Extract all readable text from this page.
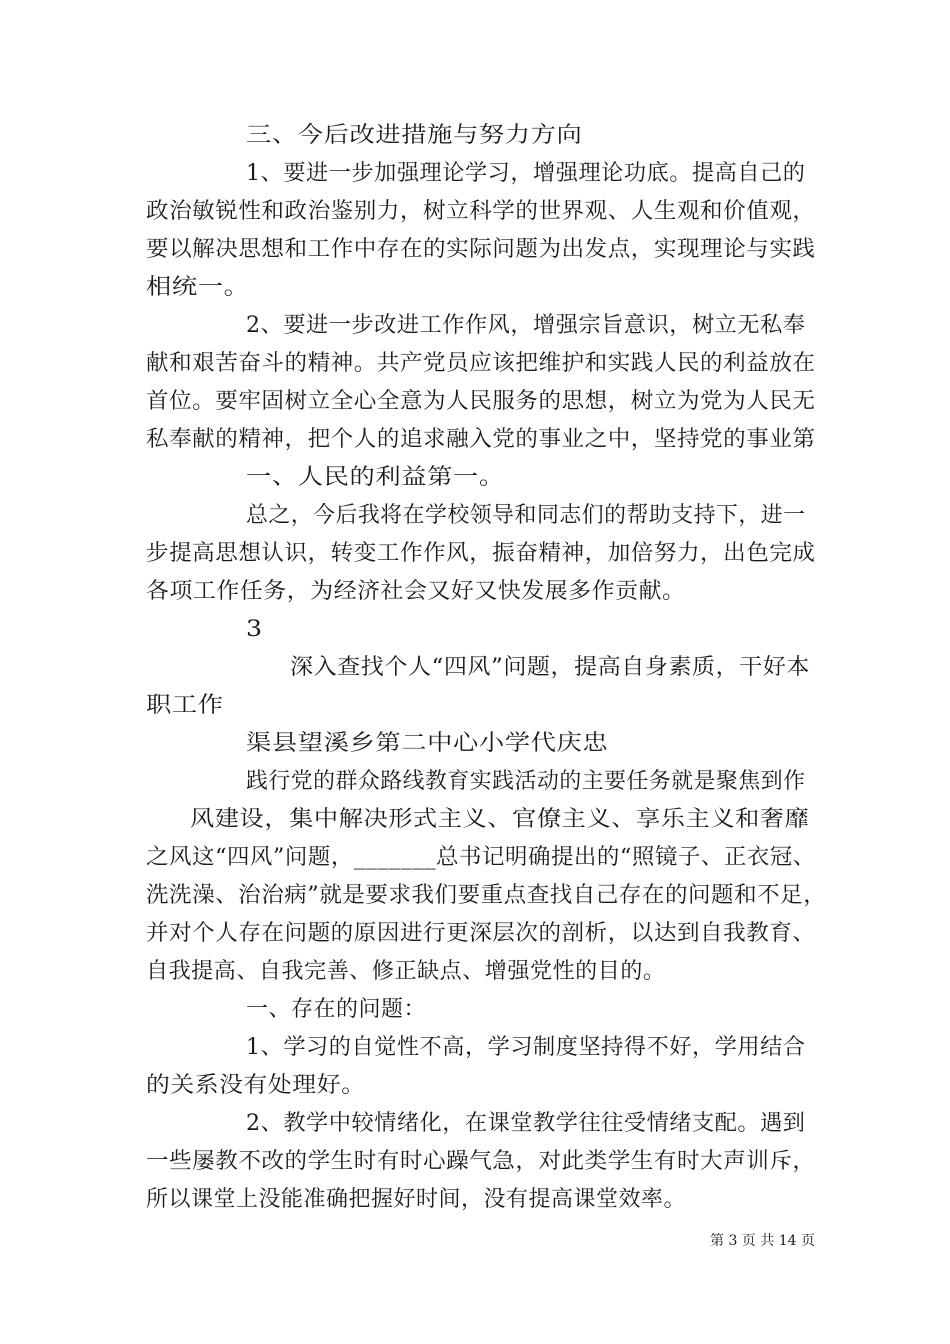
三、今后改进措施与努力方向
1、要进一步加强理论学习，增强理论功底。提高自己的
政治敏锐性和政治鉴别力，树立科学的世界观、人生观和价值观，
要以解决思想和工作中存在的实际问题为出发点，实现理论与实践
相统一。
2、要进一步改进工作作风，增强宗旨意识，树立无私奉
献和艰苦奋斗的精神。共产党员应该把维护和实践人民的利益放在
首位。要牢固树立全心全意为人民服务的思想，树立为党为人民无
私奉献的精神，把个人的追求融入党的事业之中，坚持党的事业第
一、人民的利益第一。
总之，今后我将在学校领导和同志们的帮助支持下，进一
步提高思想认识，转变工作作风，振奋精神，加倍努力，出色完成
各项工作任务，为经济社会又好又快发展多作贡献。
3
深入查找个人“四风”问题，提高自身素质，干好本
职工作
渠县望溪乡第二中心小学代庆忠
践行党的群众路线教育实践活动的主要任务就是聚焦到作
风建设，集中解决形式主义、官僚主义、享乐主义和奢靡
之风这“四风”问题，_______总书记明确提出的“照镜子、正衣冠、
洗洗澡、治治病”就是要求我们要重点查找自己存在的问题和不足，
并对个人存在问题的原因进行更深层次的剖析，以达到自我教育、
自我提高、自我完善、修正缺点、增强党性的目的。
一、存在的问题：
1、学习的自觉性不高，学习制度坚持得不好，学用结合
的关系没有处理好。
2、教学中较情绪化，在课堂教学往往受情绪支配。遇到
一些屡教不改的学生时有时心躁气急，对此类学生有时大声训斥，
所以课堂上没能准确把握好时间，没有提高课堂效率。
第 3 页 共 14 页
